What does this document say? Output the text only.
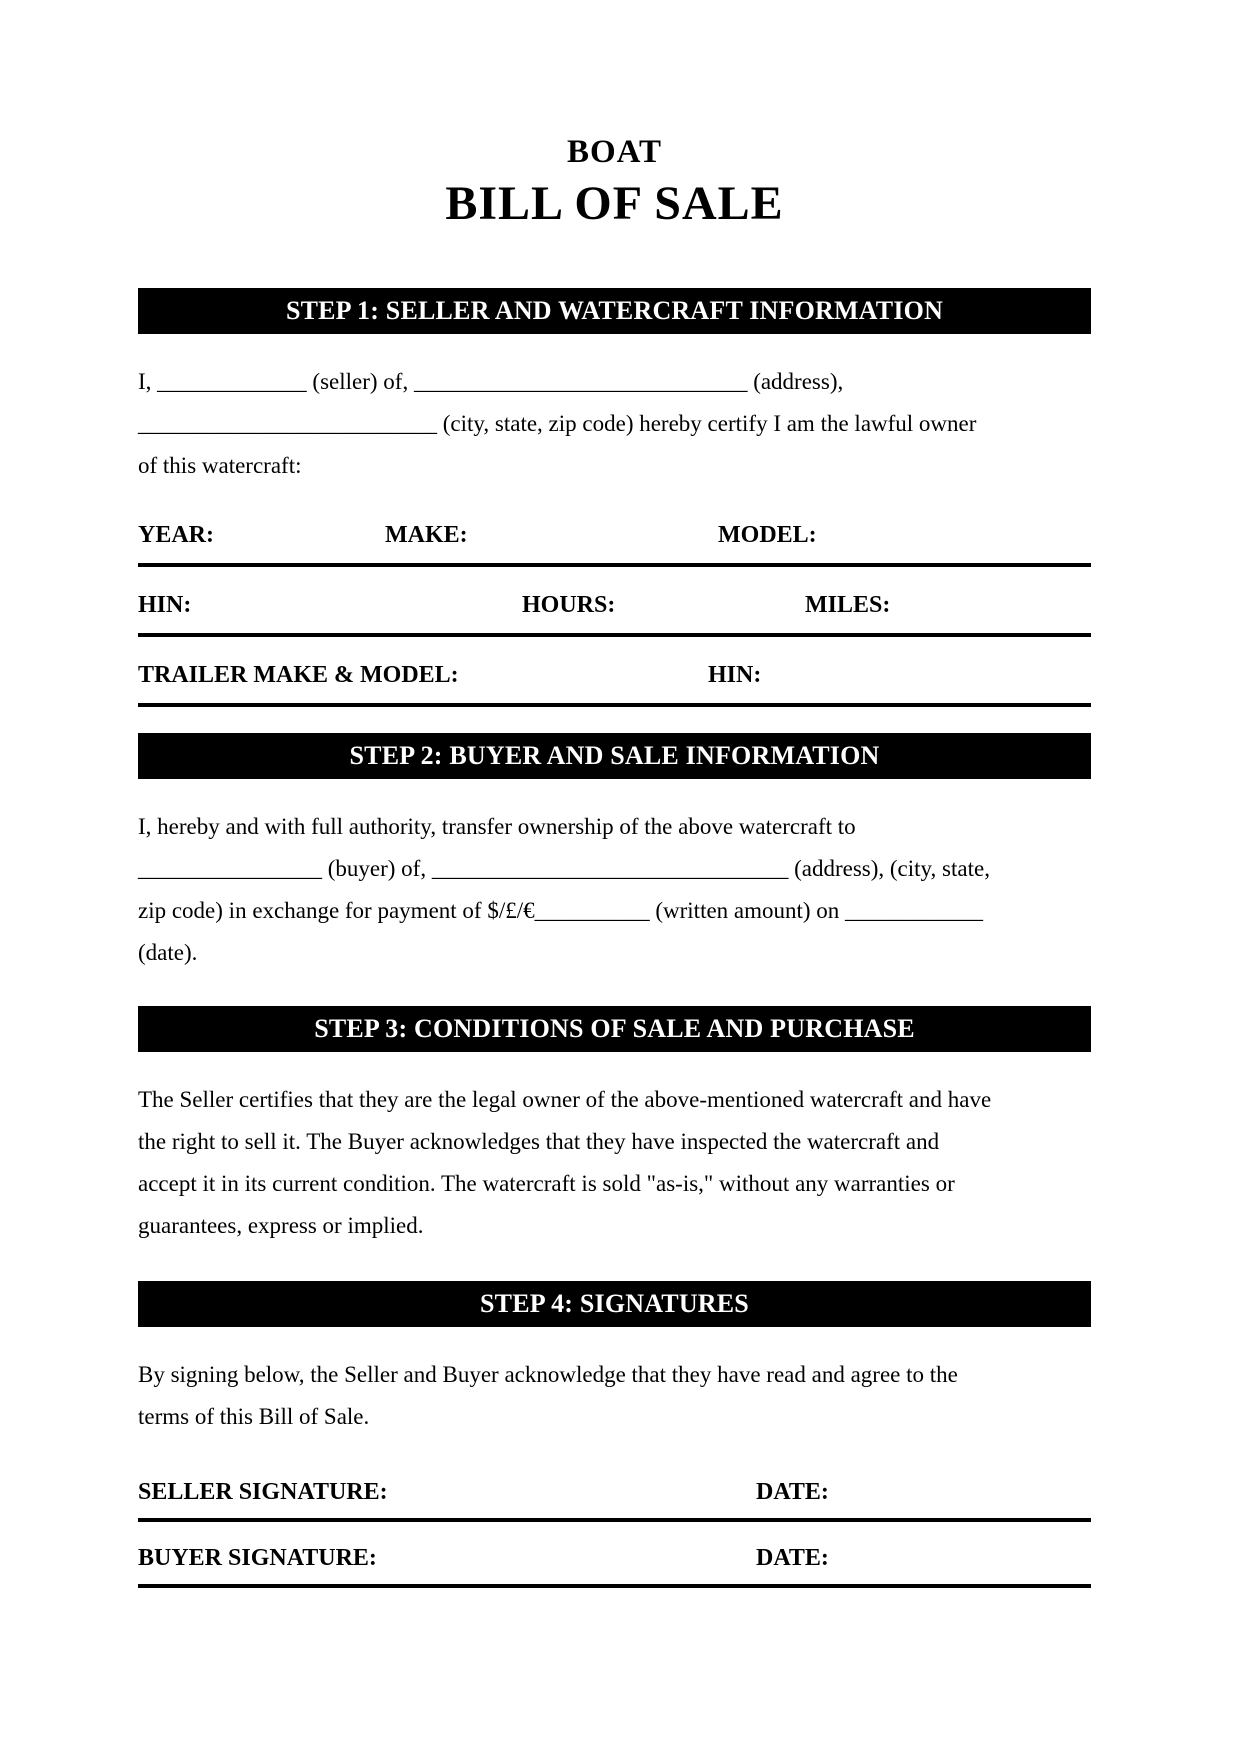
BOAT
BILL OF SALE
STEP 1: SELLER AND WATERCRAFT INFORMATION
I, _____________ (seller) of, _____________________________ (address),
__________________________ (city, state, zip code) hereby certify I am the lawful owner
of this watercraft:
YEAR:	MAKE:	MODEL:
HIN:	HOURS:	MILES:
TRAILER MAKE & MODEL:	HIN:
STEP 2: BUYER AND SALE INFORMATION
I, hereby and with full authority, transfer ownership of the above watercraft to
________________ (buyer) of, _______________________________ (address), (city, state,
zip code) in exchange for payment of $/£/€__________ (written amount) on ____________
(date).
STEP 3: CONDITIONS OF SALE AND PURCHASE
The Seller certifies that they are the legal owner of the above-mentioned watercraft and have
the right to sell it. The Buyer acknowledges that they have inspected the watercraft and
accept it in its current condition. The watercraft is sold "as-is," without any warranties or
guarantees, express or implied.
STEP 4: SIGNATURES
By signing below, the Seller and Buyer acknowledge that they have read and agree to the
terms of this Bill of Sale.
SELLER SIGNATURE:	DATE:
BUYER SIGNATURE:	DATE:
